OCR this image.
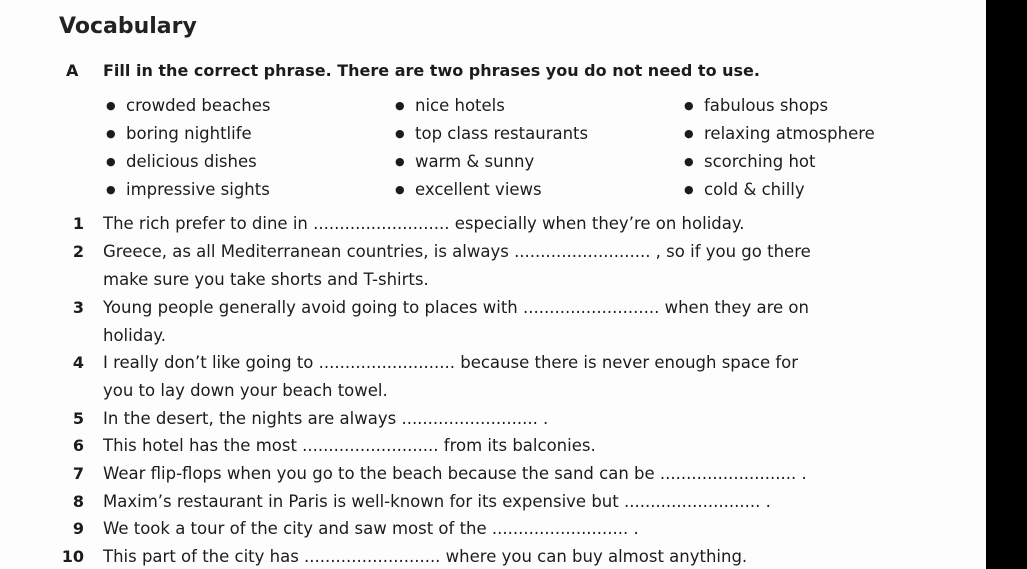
Vocabulary
A Fill in the correct phrase. There are two phrases you do not need to use.
● crowded beaches
● boring nightlife
● delicious dishes
● impressive sights
● nice hotels
● top class restaurants
● warm & sunny
● excellent views
● fabulous shops
● relaxing atmosphere
● scorching hot
● cold & chilly
1 The rich prefer to dine in .......................... especially when they’re on holiday.
2 Greece, as all Mediterranean countries, is always .......................... , so if you go there
make sure you take shorts and T-shirts.
3 Young people generally avoid going to places with .......................... when they are on
holiday.
4 I really don’t like going to .......................... because there is never enough space for
you to lay down your beach towel.
5 In the desert, the nights are always .......................... .
6 This hotel has the most .......................... from its balconies.
7 Wear flip-flops when you go to the beach because the sand can be .......................... .
8 Maxim’s restaurant in Paris is well-known for its expensive but .......................... .
9 We took a tour of the city and saw most of the .......................... .
10 This part of the city has .......................... where you can buy almost anything.
